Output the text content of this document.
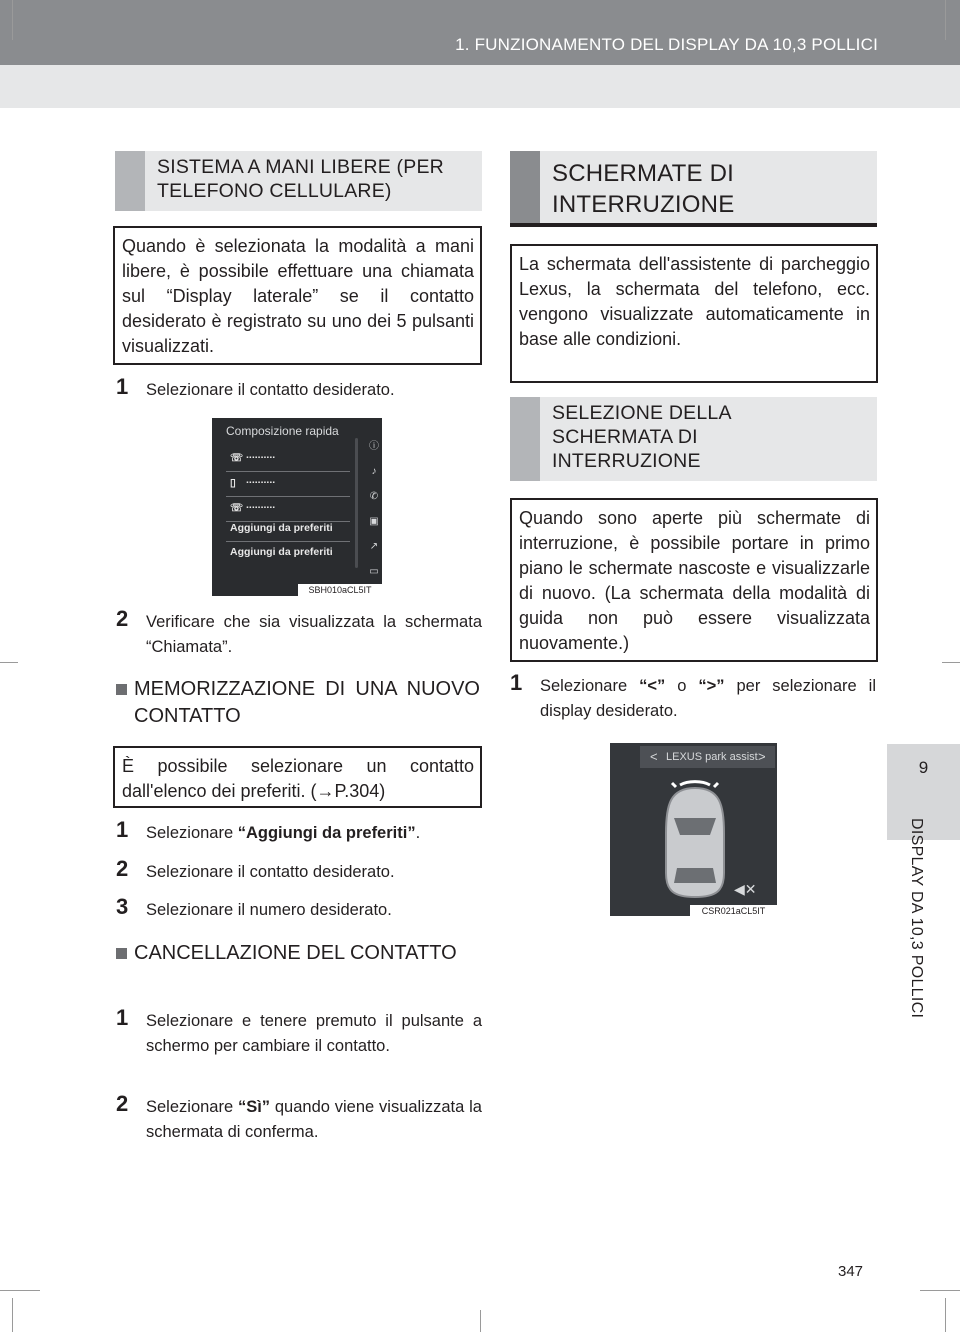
1. FUNZIONAMENTO DEL DISPLAY DA 10,3 POLLICI
9
DISPLAY DA 10,3 POLLICI
347
SISTEMA A MANI LIBERE (PER TELEFONO CELLULARE)
Quando è selezionata la modalità a mani libere, è possibile effettuare una chiamata sul “Display laterale” se il contatto desiderato è registrato su uno dei 5 pulsanti visualizzati.
1 Selezionare il contatto desiderato.
Composizione rapida
☏ ..........
▯ ..........
☏ ..........
Aggiungi da preferiti
Aggiungi da preferiti
ⓘ
♪
✆
▣
↗
▭
SBH010aCL5IT
2 Verificare che sia visualizzata la schermata “Chiamata”.
MEMORIZZAZIONE DI UNA NUOVO CONTATTO
È possibile selezionare un contatto dall'elenco dei preferiti. (→P.304)
1 Selezionare “Aggiungi da preferiti”.
2 Selezionare il contatto desiderato.
3 Selezionare il numero desiderato.
CANCELLAZIONE DEL CONTATTO
1 Selezionare e tenere premuto il pulsante a schermo per cambiare il contatto.
2 Selezionare “Sì” quando viene visualizzata la schermata di conferma.
SCHERMATE DI INTERRUZIONE
La schermata dell'assistente di parcheggio Lexus, la schermata del telefono, ecc. vengono visualizzate automaticamente in base alle condizioni.
SELEZIONE DELLA SCHERMATA DI INTERRUZIONE
Quando sono aperte più schermate di interruzione, è possibile portare in primo piano le schermate nascoste e visualizzarle di nuovo. (La schermata della modalità di guida non può essere visualizzata nuovamente.)
1 Selezionare “<” o “>” per selezionare il display desiderato.
< LEXUS park assist >
◀✕
CSR021aCL5IT
